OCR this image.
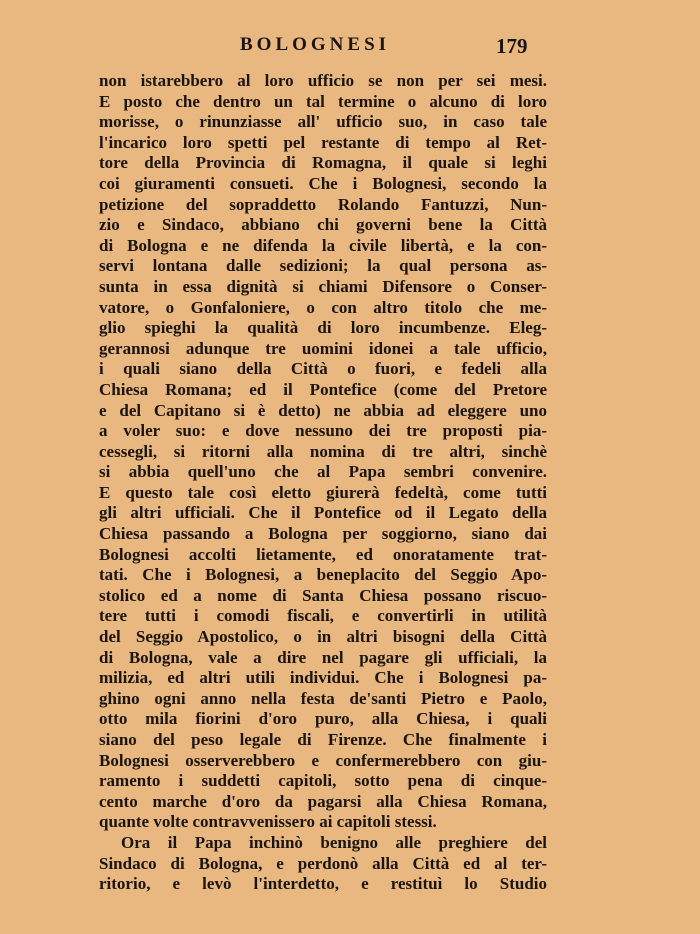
BOLOGNESI	179
non istarebbero al loro ufficio se non per sei mesi.
E posto che dentro un tal termine o alcuno di loro
morisse, o rinunziasse all' ufficio suo, in caso tale
l'incarico loro spetti pel restante di tempo al Ret-
tore della Provincia di Romagna, il quale si leghi
coi giuramenti consueti. Che i Bolognesi, secondo la
petizione del sopraddetto Rolando Fantuzzi, Nun-
zio e Sindaco, abbiano chi governi bene la Città
di Bologna e ne difenda la civile libertà, e la con-
servi lontana dalle sedizioni; la qual persona as-
sunta in essa dignità si chiami Difensore o Conser-
vatore, o Gonfaloniere, o con altro titolo che me-
glio spieghi la qualità di loro incumbenze. Eleg-
gerannosi adunque tre uomini idonei a tale ufficio,
i quali siano della Città o fuori, e fedeli alla
Chiesa Romana; ed il Pontefice (come del Pretore
e del Capitano si è detto) ne abbia ad eleggere uno
a voler suo: e dove nessuno dei tre proposti pia-
cessegli, si ritorni alla nomina di tre altri, sinchè
si abbia quell'uno che al Papa sembri convenire.
E questo tale così eletto giurerà fedeltà, come tutti
gli altri ufficiali. Che il Pontefice od il Legato della
Chiesa passando a Bologna per soggiorno, siano dai
Bolognesi accolti lietamente, ed onoratamente trat-
tati. Che i Bolognesi, a beneplacito del Seggio Apo-
stolico ed a nome di Santa Chiesa possano riscuo-
tere tutti i comodi fiscali, e convertirli in utilità
del Seggio Apostolico, o in altri bisogni della Città
di Bologna, vale a dire nel pagare gli ufficiali, la
milizia, ed altri utili individui. Che i Bolognesi pa-
ghino ogni anno nella festa de'santi Pietro e Paolo,
otto mila fiorini d'oro puro, alla Chiesa, i quali
siano del peso legale di Firenze. Che finalmente i
Bolognesi osserverebbero e confermerebbero con giu-
ramento i suddetti capitoli, sotto pena di cinque-
cento marche d'oro da pagarsi alla Chiesa Romana,
quante volte contravvenissero ai capitoli stessi.
Ora il Papa inchinò benigno alle preghiere del
Sindaco di Bologna, e perdonò alla Città ed al ter-
ritorio, e levò l'interdetto, e restituì lo Studio
